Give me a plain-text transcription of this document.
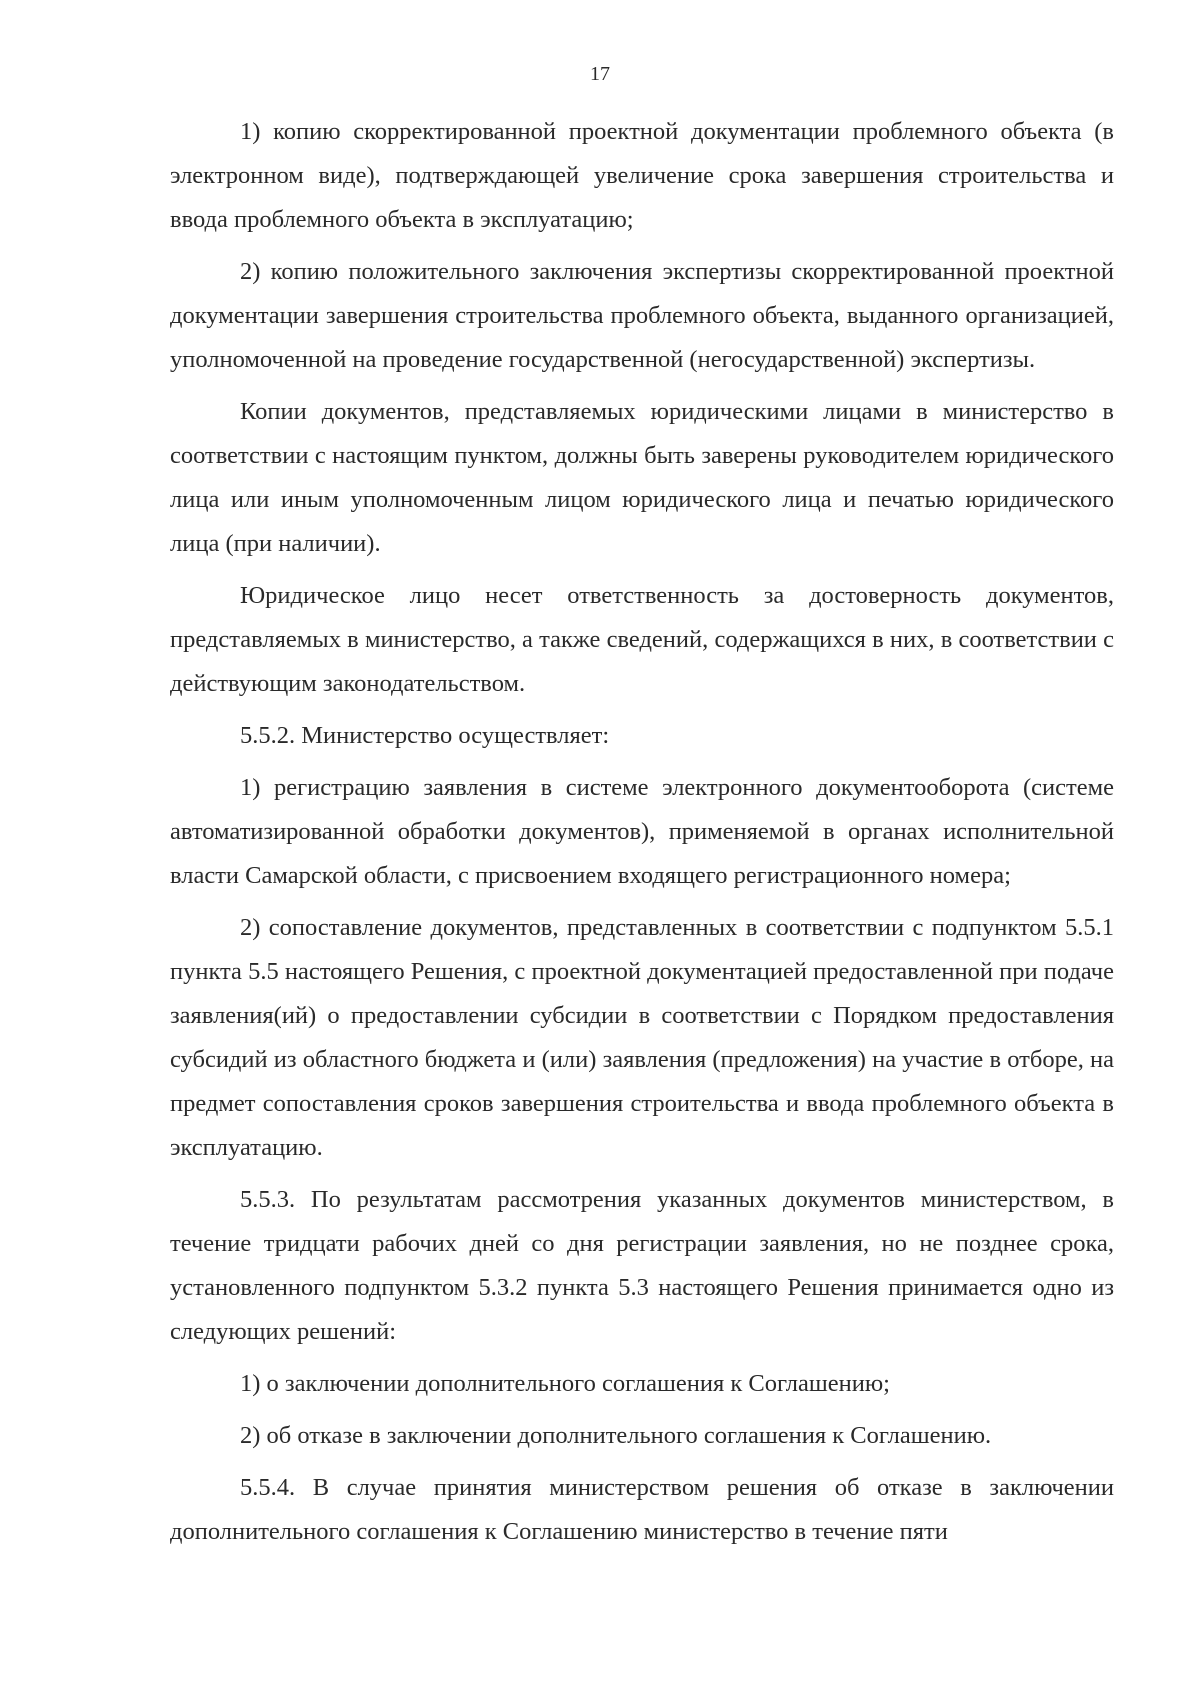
17

1) копию скорректированной проектной документации проблемного объекта (в электронном виде), подтверждающей увеличение срока завершения строительства и ввода проблемного объекта в эксплуатацию;

2) копию положительного заключения экспертизы скорректированной проектной документации завершения строительства проблемного объекта, выданного организацией, уполномоченной на проведение государственной (негосударственной) экспертизы.

Копии документов, представляемых юридическими лицами в министерство в соответствии с настоящим пунктом, должны быть заверены руководителем юридического лица или иным уполномоченным лицом юридического лица и печатью юридического лица (при наличии).

Юридическое лицо несет ответственность за достоверность документов, представляемых в министерство, а также сведений, содержащихся в них, в соответствии с действующим законодательством.

5.5.2. Министерство осуществляет:

1) регистрацию заявления в системе электронного документооборота (системе автоматизированной обработки документов), применяемой в органах исполнительной власти Самарской области, с присвоением входящего регистрационного номера;

2) сопоставление документов, представленных в соответствии с подпунктом 5.5.1 пункта 5.5 настоящего Решения, с проектной документацией предоставленной при подаче заявления(ий) о предоставлении субсидии в соответствии с Порядком предоставления субсидий из областного бюджета и (или) заявления (предложения) на участие в отборе, на предмет сопоставления сроков завершения строительства и ввода проблемного объекта в эксплуатацию.

5.5.3. По результатам рассмотрения указанных документов министерством, в течение тридцати рабочих дней со дня регистрации заявления, но не позднее срока, установленного подпунктом 5.3.2 пункта 5.3 настоящего Решения принимается одно из следующих решений:

1) о заключении дополнительного соглашения к Соглашению;

2) об отказе в заключении дополнительного соглашения к Соглашению.

5.5.4. В случае принятия министерством решения об отказе в заключении дополнительного соглашения к Соглашению министерство в течение пяти
